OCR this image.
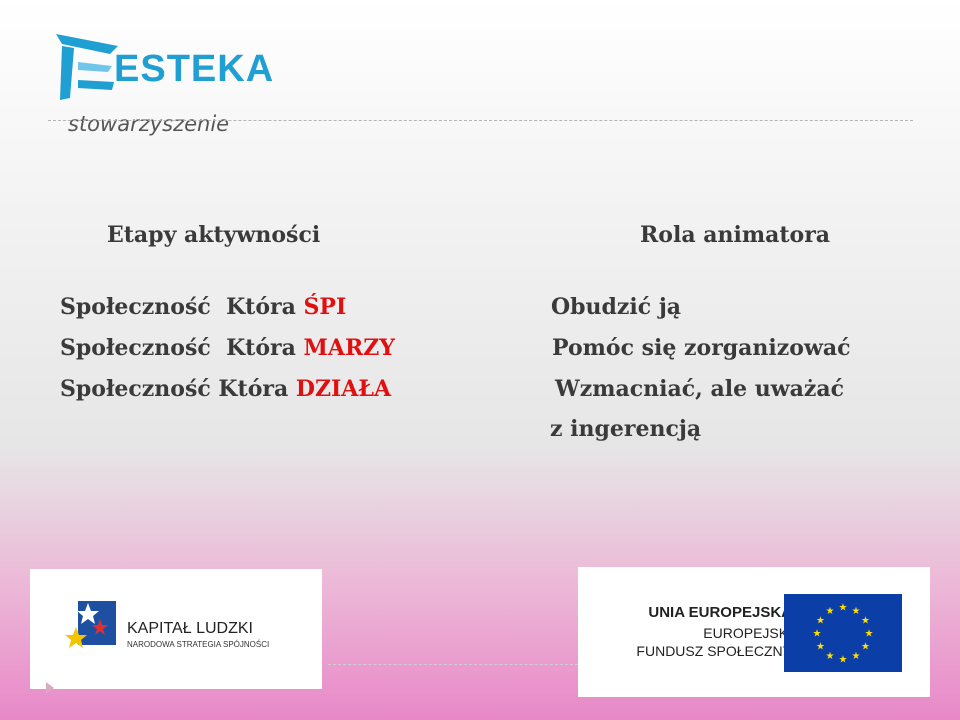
ESTEKA
stowarzyszenie
Etapy aktywności	Rola animatora
Społeczność  Która ŚPI
Społeczność  Która MARZY
Społeczność Która DZIAŁA
Obudzić ją
Pomóc się zorganizować
Wzmacniać, ale uważać
z ingerencją
KAPITAŁ LUDZKI
NARODOWA STRATEGIA SPÓJNOŚCI
UNIA EUROPEJSKA
EUROPEJSKI
FUNDUSZ SPOŁECZNY
★ ★
★
★
★
★
★
★
★
★
★
★
